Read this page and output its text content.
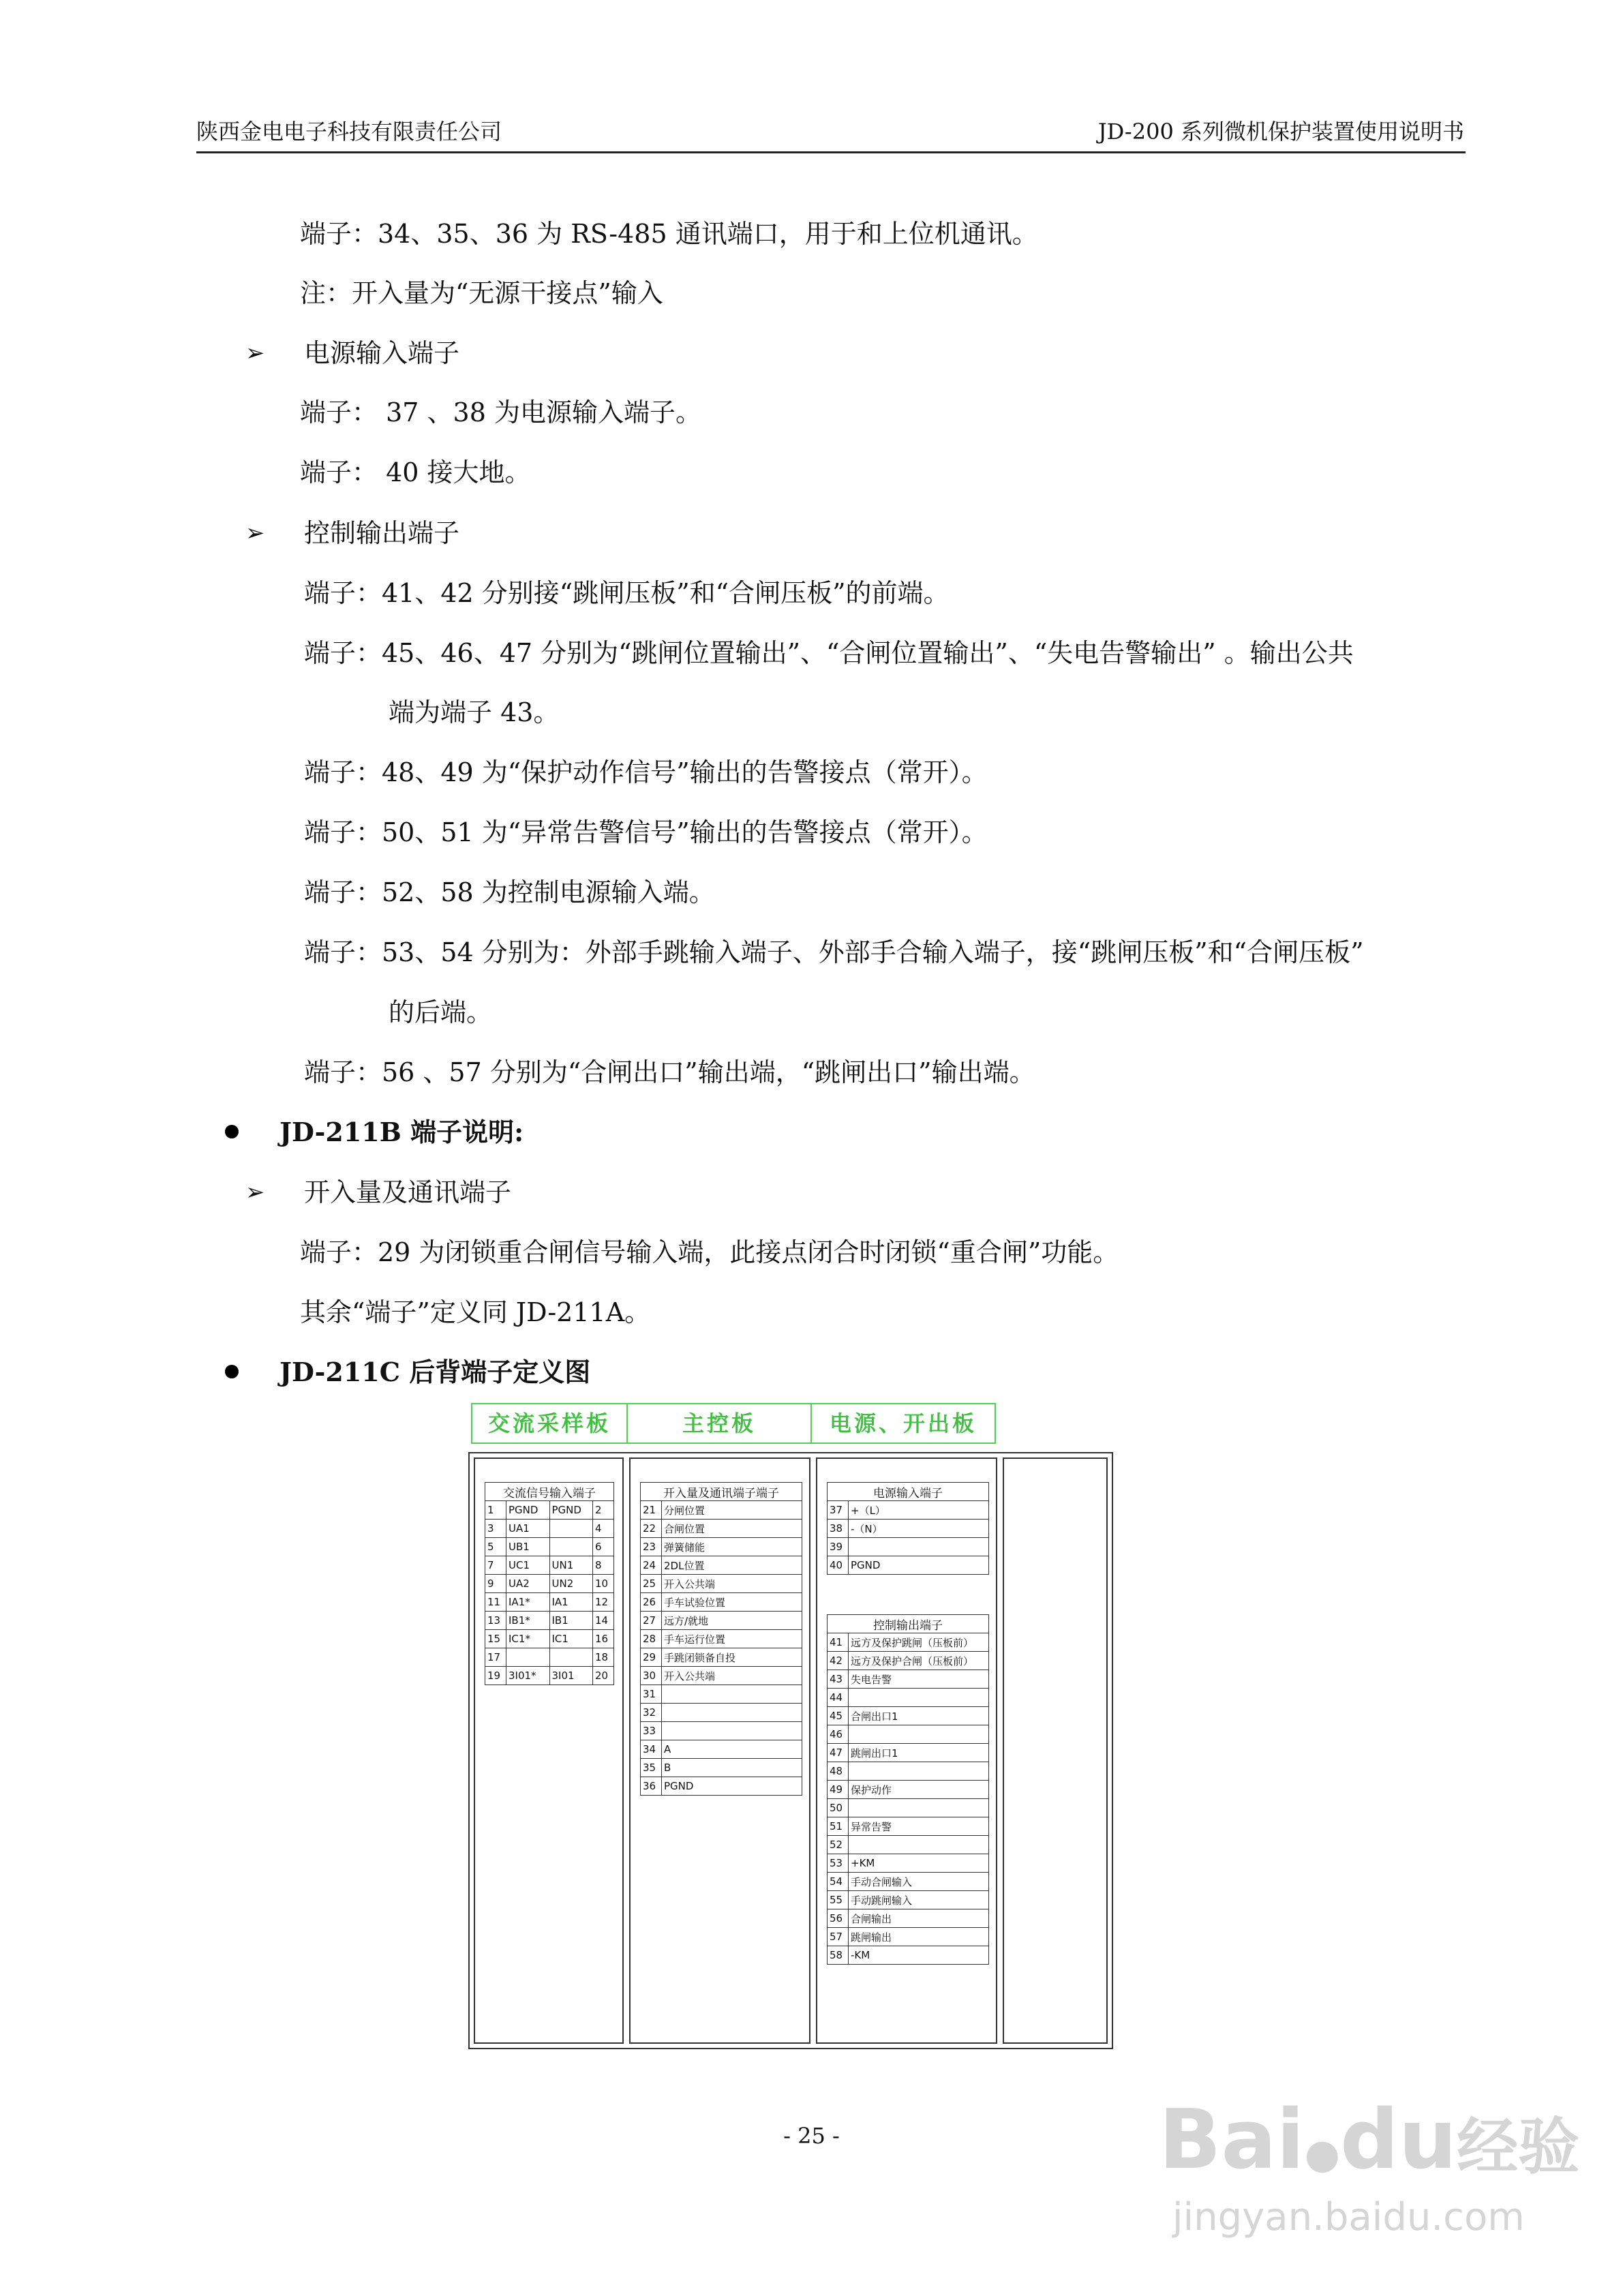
陕西金电电子科技有限责任公司	JD-200 系列微机保护装置使用说明书
端子：34、35、36 为 RS-485 通讯端口，用于和上位机通讯。
注：开入量为“无源干接点”输入
➢ 电源输入端子
端子： 37 、38 为电源输入端子。
端子： 40 接大地。
➢ 控制输出端子
端子：41、42 分别接“跳闸压板”和“合闸压板”的前端。
端子：45、46、47 分别为“跳闸位置输出”、“合闸位置输出”、“失电告警输出” 。输出公共
端为端子 43。
端子：48、49 为“保护动作信号”输出的告警接点（常开）。
端子：50、51 为“异常告警信号”输出的告警接点（常开）。
端子：52、58 为控制电源输入端。
端子：53、54 分别为：外部手跳输入端子、外部手合输入端子，接“跳闸压板”和“合闸压板”
的后端。
端子：56 、57 分别为“合闸出口”输出端，“跳闸出口”输出端。
JD-211B 端子说明:
➢ 开入量及通讯端子
端子：29 为闭锁重合闸信号输入端，此接点闭合时闭锁“重合闸”功能。
其余“端子”定义同 JD-211A。
JD-211C 后背端子定义图
交流采样板	主控板	电源、开出板
交流信号输入端子			
1	PGND	PGND	2
3	UA1		4
5	UB1		6
7	UC1	UN1	8
9	UA2	UN2	10
11	IA1*	IA1	12
13	IB1*	IB1	14
15	IC1*	IC1	16
17			18
19	3I01*	3I01	20
开入量及通讯端子端子	
21	分闸位置
22	合闸位置
23	弹簧储能
24	2DL位置
25	开入公共端
26	手车试验位置
27	远方/就地
28	手车运行位置
29	手跳闭锁备自投
30	开入公共端
31	
32	
33	
34	A
35	B
36	PGND
电源输入端子	
37	+（L）
38	-（N）
39	
40	PGND
控制输出端子	
41	远方及保护跳闸（压板前）
42	远方及保护合闸（压板前）
43	失电告警
44	
45	合闸出口1
46	
47	跳闸出口1
48	
49	保护动作
50	
51	异常告警
52	
53	+KM
54	手动合闸输入
55	手动跳闸输入
56	合闸输出
57	跳闸输出
58	-KM
- 25 -	Bai●du经验
jingyan.baidu.com
